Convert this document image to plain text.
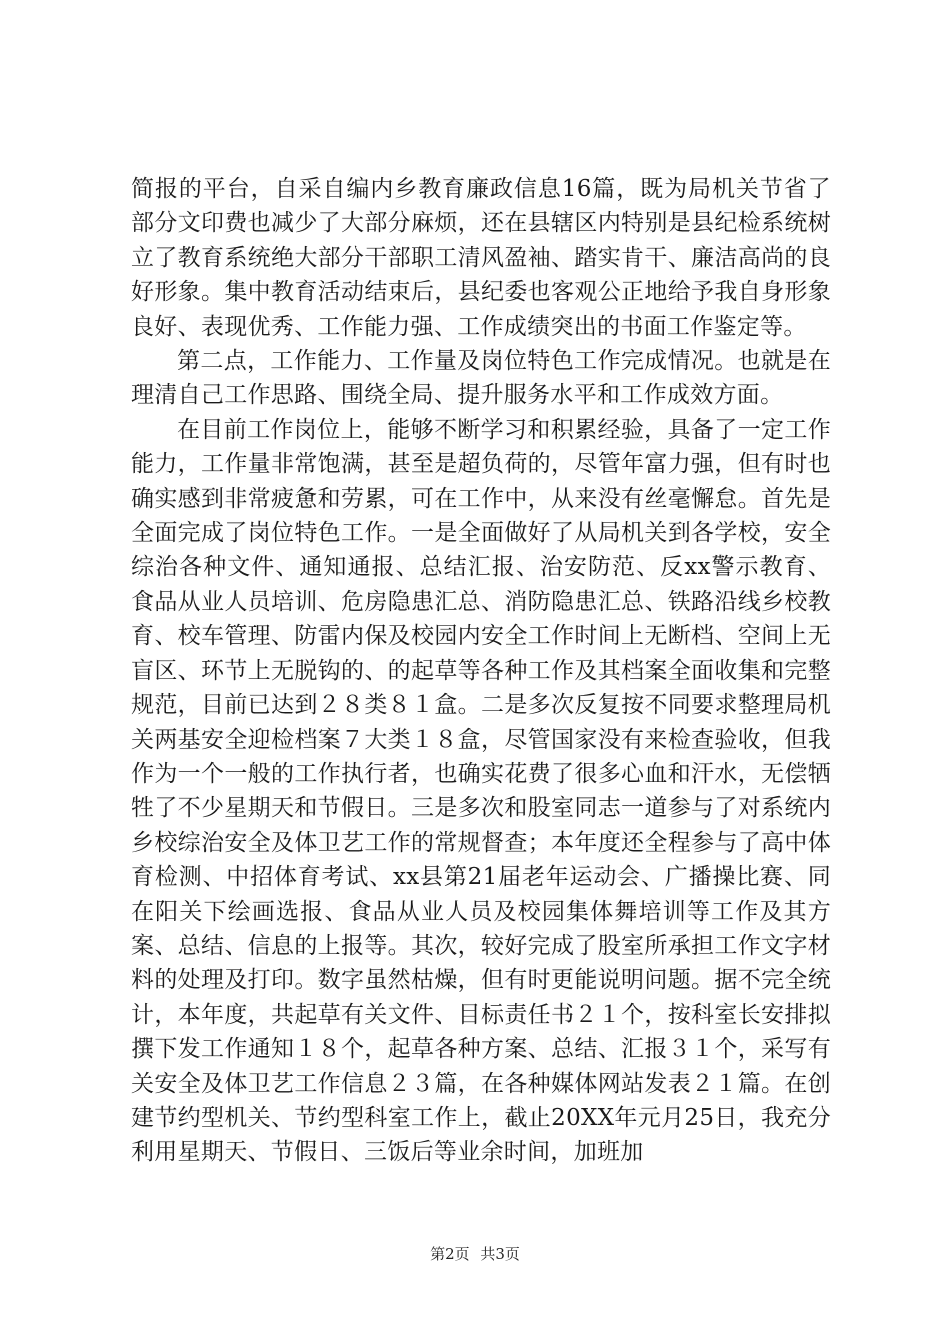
简报的平台，自采自编内乡教育廉政信息16篇，既为局机关节省了部分文印费也减少了大部分麻烦，还在县辖区内特别是县纪检系统树立了教育系统绝大部分干部职工清风盈袖、踏实肯干、廉洁高尚的良好形象。集中教育活动结束后，县纪委也客观公正地给予我自身形象良好、表现优秀、工作能力强、工作成绩突出的书面工作鉴定等。

第二点，工作能力、工作量及岗位特色工作完成情况。也就是在理清自己工作思路、围绕全局、提升服务水平和工作成效方面。

在目前工作岗位上，能够不断学习和积累经验，具备了一定工作能力，工作量非常饱满，甚至是超负荷的，尽管年富力强，但有时也确实感到非常疲惫和劳累，可在工作中，从来没有丝毫懈怠。首先是全面完成了岗位特色工作。一是全面做好了从局机关到各学校，安全综治各种文件、通知通报、总结汇报、治安防范、反xx警示教育、食品从业人员培训、危房隐患汇总、消防隐患汇总、铁路沿线乡校教育、校车管理、防雷内保及校园内安全工作时间上无断档、空间上无盲区、环节上无脱钩的、的起草等各种工作及其档案全面收集和完整规范，目前已达到２８类８１盒。二是多次反复按不同要求整理局机关两基安全迎检档案７大类１８盒，尽管国家没有来检查验收，但我作为一个一般的工作执行者，也确实花费了很多心血和汗水，无偿牺牲了不少星期天和节假日。三是多次和股室同志一道参与了对系统内乡校综治安全及体卫艺工作的常规督查；本年度还全程参与了高中体育检测、中招体育考试、xx县第21届老年运动会、广播操比赛、同在阳关下绘画选报、食品从业人员及校园集体舞培训等工作及其方案、总结、信息的上报等。其次，较好完成了股室所承担工作文字材料的处理及打印。数字虽然枯燥，但有时更能说明问题。据不完全统计，本年度，共起草有关文件、目标责任书２１个，按科室长安排拟撰下发工作通知１８个，起草各种方案、总结、汇报３１个，采写有关安全及体卫艺工作信息２３篇，在各种媒体网站发表２１篇。在创建节约型机关、节约型科室工作上，截止20XX年元月25日，我充分利用星期天、节假日、三饭后等业余时间，加班加

第2页 共3页
